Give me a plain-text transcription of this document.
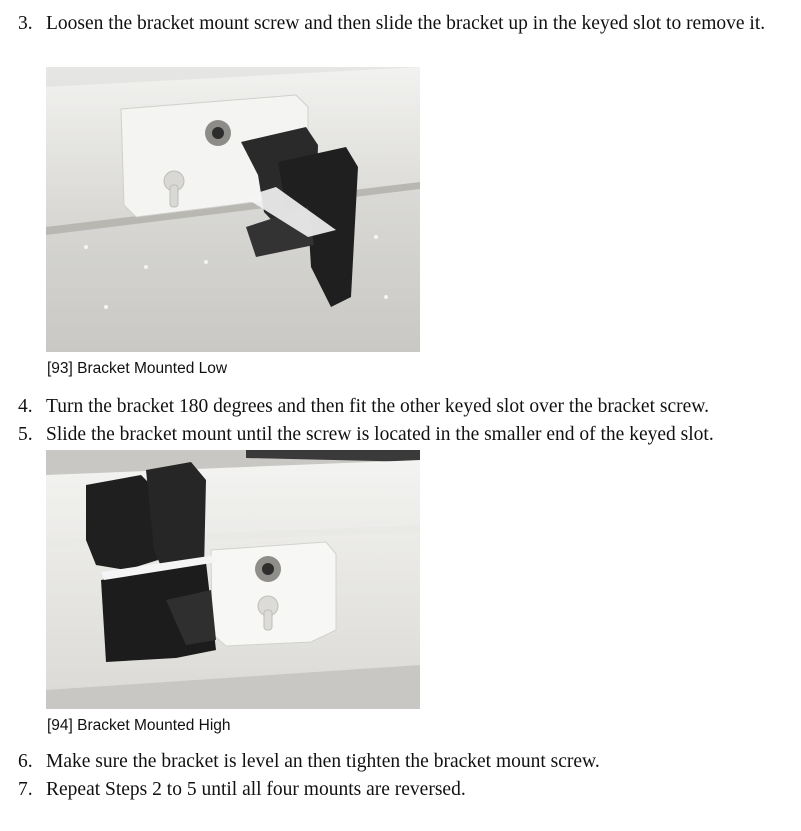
3. Loosen the bracket mount screw and then slide the bracket up in the keyed slot to remove it.
[93] Bracket Mounted Low
4. Turn the bracket 180 degrees and then fit the other keyed slot over the bracket screw.
5. Slide the bracket mount until the screw is located in the smaller end of the keyed slot.
[94] Bracket Mounted High
6. Make sure the bracket is level an then tighten the bracket mount screw.
7. Repeat Steps 2 to 5 until all four mounts are reversed.
